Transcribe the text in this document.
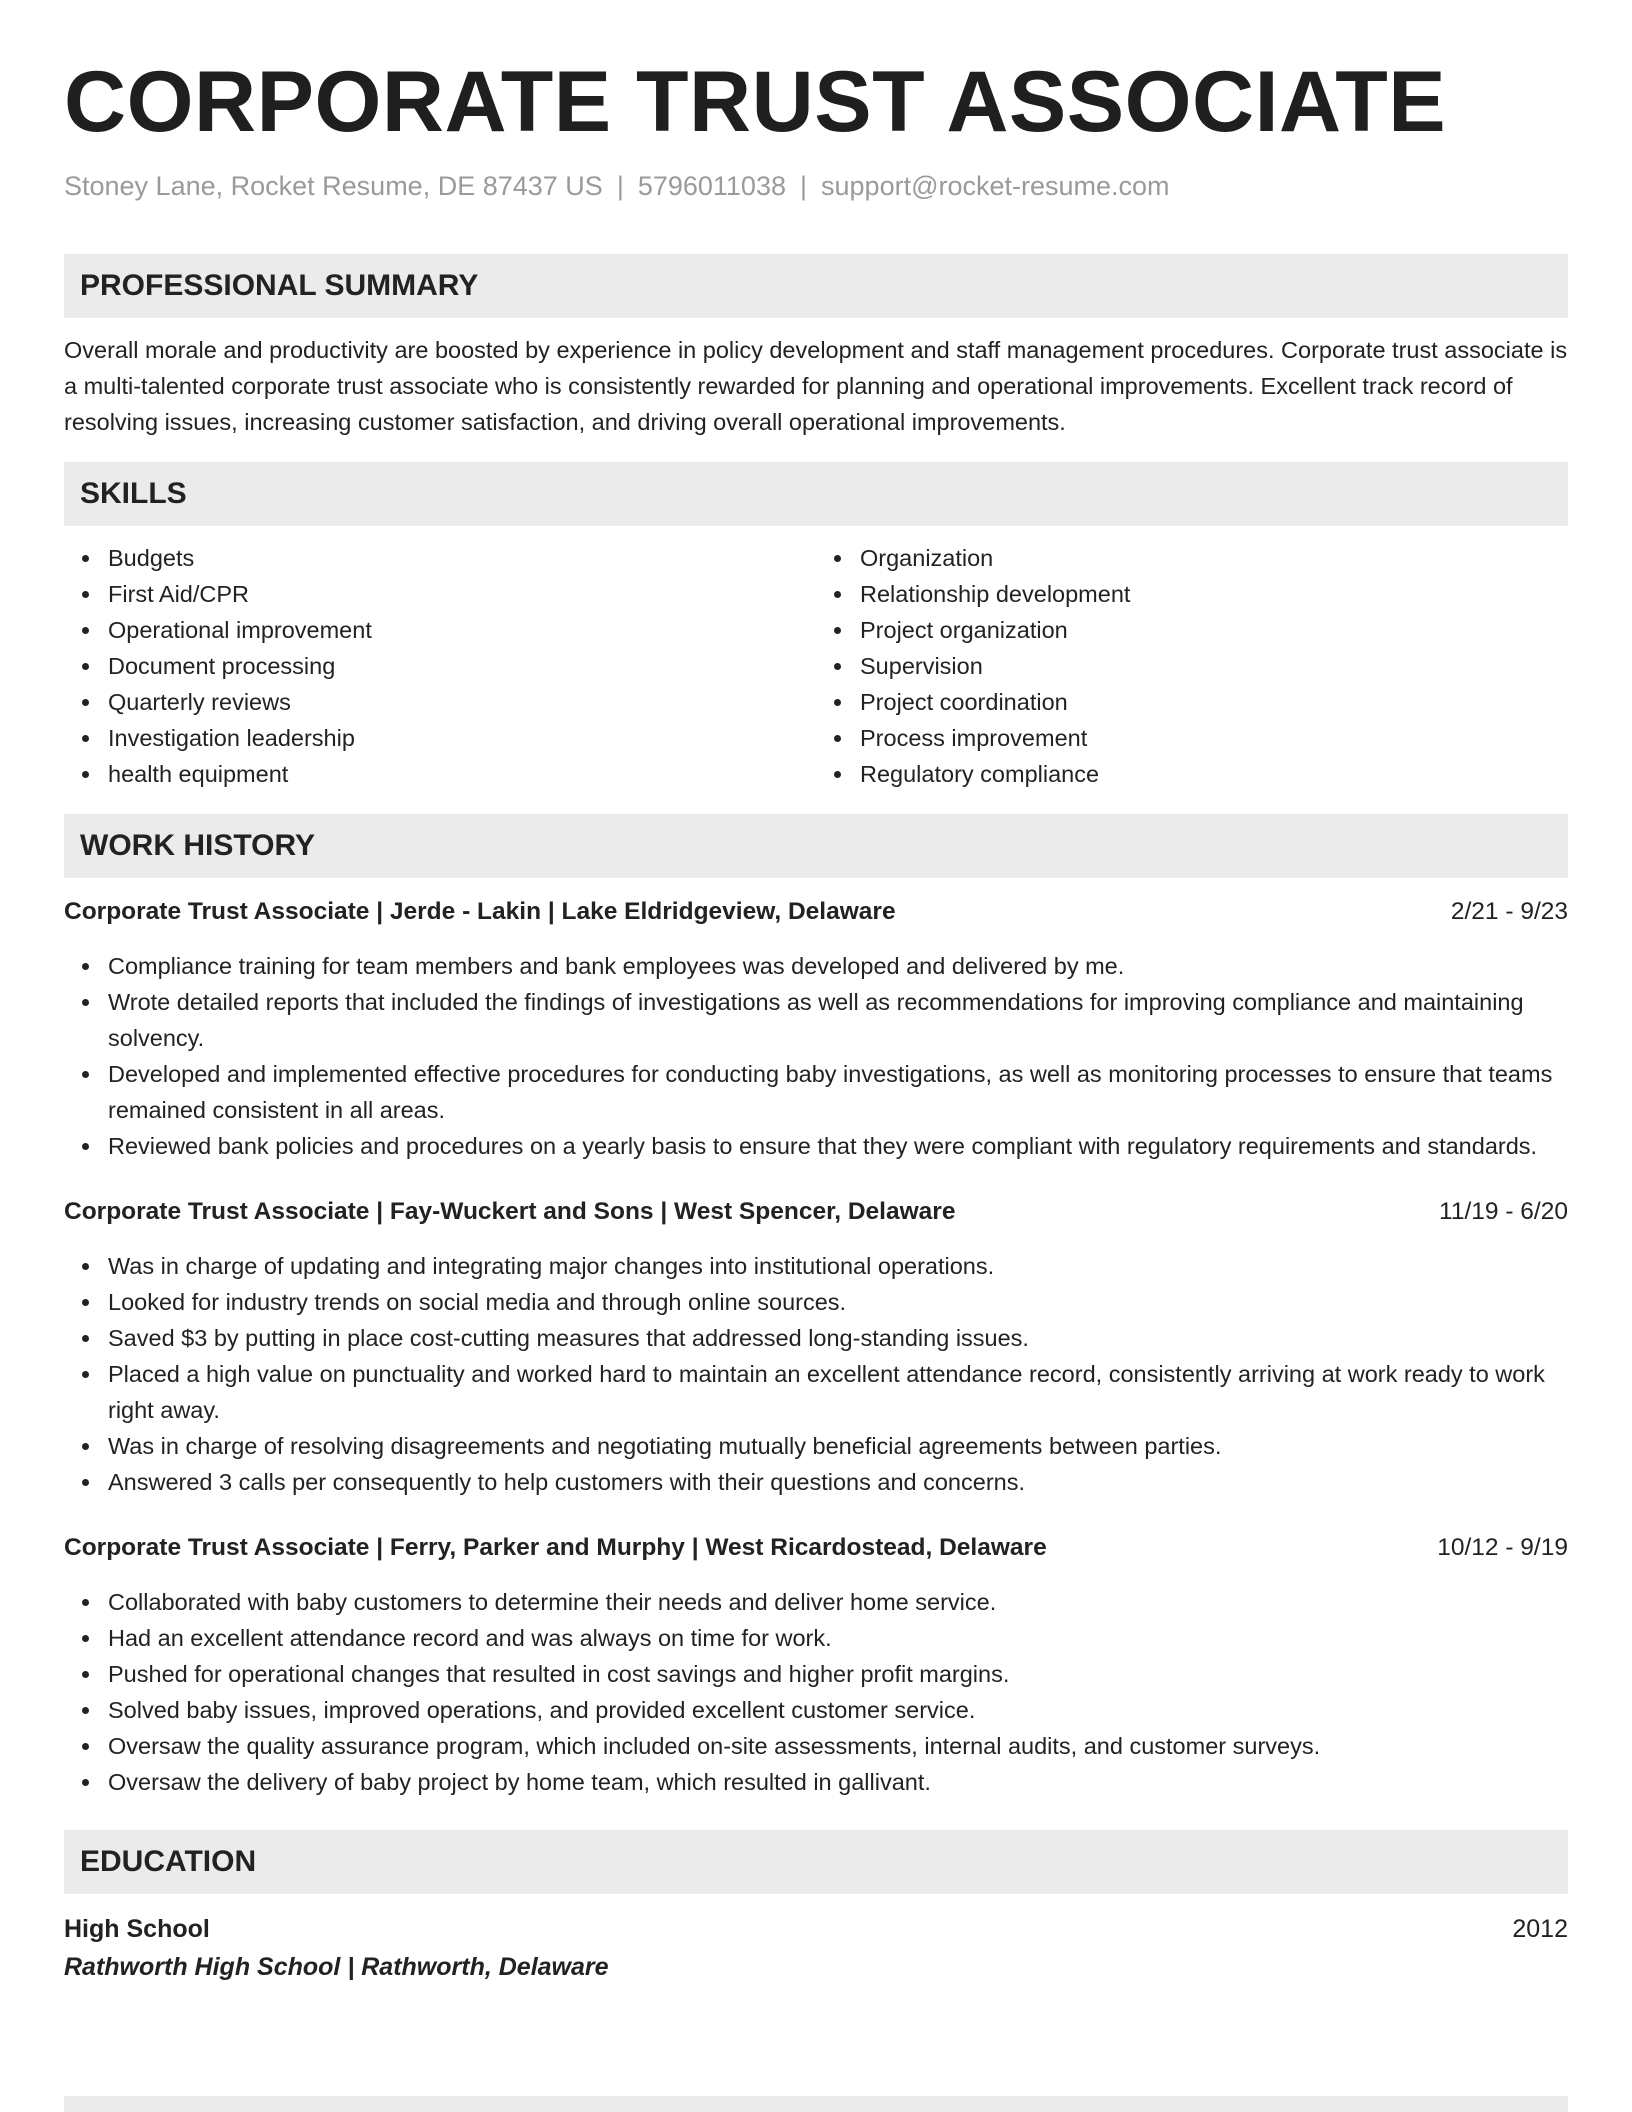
CORPORATE TRUST ASSOCIATE
Stoney Lane, Rocket Resume, DE 87437 US | 5796011038 | support@rocket-resume.com
PROFESSIONAL SUMMARY

Overall morale and productivity are boosted by experience in policy development and staff management procedures. Corporate trust associate is a multi-talented corporate trust associate who is consistently rewarded for planning and operational improvements. Excellent track record of resolving issues, increasing customer satisfaction, and driving overall operational improvements.

SKILLS
Budgets
First Aid/CPR
Operational improvement
Document processing
Quarterly reviews
Investigation leadership
health equipment
Organization
Relationship development
Project organization
Supervision
Project coordination
Process improvement
Regulatory compliance
WORK HISTORY
Corporate Trust Associate | Jerde - Lakin | Lake Eldridgeview, Delaware	2/21 - 9/23
Compliance training for team members and bank employees was developed and delivered by me.
Wrote detailed reports that included the findings of investigations as well as recommendations for improving compliance and maintaining solvency.
Developed and implemented effective procedures for conducting baby investigations, as well as monitoring processes to ensure that teams remained consistent in all areas.
Reviewed bank policies and procedures on a yearly basis to ensure that they were compliant with regulatory requirements and standards.
Corporate Trust Associate | Fay-Wuckert and Sons | West Spencer, Delaware	11/19 - 6/20
Was in charge of updating and integrating major changes into institutional operations.
Looked for industry trends on social media and through online sources.
Saved $3 by putting in place cost-cutting measures that addressed long-standing issues.
Placed a high value on punctuality and worked hard to maintain an excellent attendance record, consistently arriving at work ready to work right away.
Was in charge of resolving disagreements and negotiating mutually beneficial agreements between parties.
Answered 3 calls per consequently to help customers with their questions and concerns.
Corporate Trust Associate | Ferry, Parker and Murphy | West Ricardostead, Delaware	10/12 - 9/19
Collaborated with baby customers to determine their needs and deliver home service.
Had an excellent attendance record and was always on time for work.
Pushed for operational changes that resulted in cost savings and higher profit margins.
Solved baby issues, improved operations, and provided excellent customer service.
Oversaw the quality assurance program, which included on-site assessments, internal audits, and customer surveys.
Oversaw the delivery of baby project by home team, which resulted in gallivant.
EDUCATION
High School	2012
Rathworth High School | Rathworth, Delaware
